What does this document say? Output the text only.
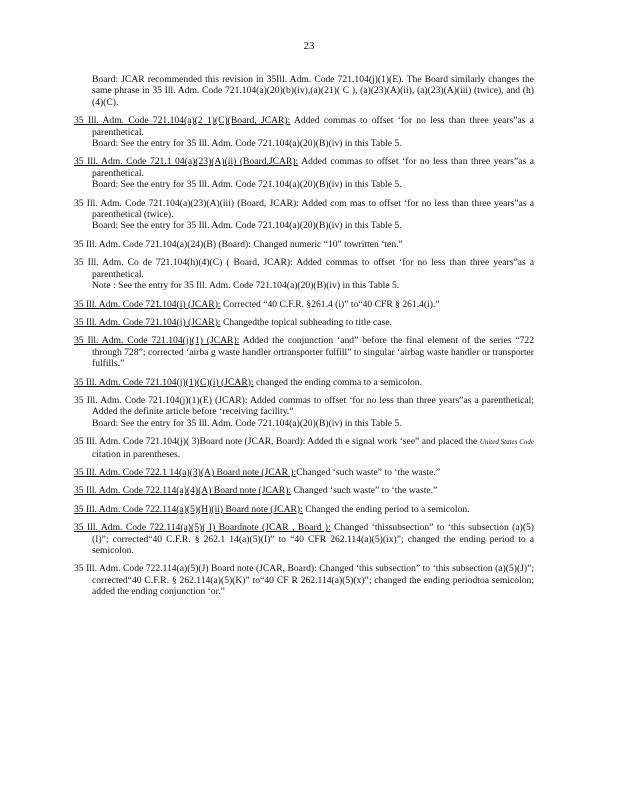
23
Board: JCAR recommended this revision in 35Ill. Adm. Code 721.104(j)(1)(E). The Board similarly changes the same phrase in 35 Ill. Adm. Code 721.104(a)(20)(b)(iv),(a)(21)( C ), (a)(23)(A)(ii), (a)(23)(A)(iii) (twice), and (h)(4)(C).
35 Ill. Adm. Code 721.104(a)(2 1)(C)(Board, JCAR): Added commas to offset ‘for no less than three years”as a parenthetical.
Board: See the entry for 35 Ill. Adm. Code 721.104(a)(20)(B)(iv) in this Table 5.
35 Ill. Adm. Code 721.1 04(a)(23)(A)(ii) (Board,JCAR): Added commas to offset ‘for no less than three years”as a parenthetical.
Board: See the entry for 35 Ill. Adm. Code 721.104(a)(20)(B)(iv) in this Table 5.
35 Ill. Adm. Code 721.104(a)(23)(A)(iii) (Board, JCAR): Added com mas to offset ‘for no less than three years”as a parenthetical (twice).
Board: See the entry for 35 Ill. Adm. Code 721.104(a)(20)(B)(iv) in this Table 5.
35 Ill. Adm. Code 721.104(a)(24)(B) (Board): Changed numeric “10” towritten ‘ten.”
35 Ill. Adm. Co de 721.104(h)(4)(C) ( Board, JCAR): Added commas to offset ‘for no less than three years”as a parenthetical.
Note : See the entry for 35 Ill. Adm. Code 721.104(a)(20)(B)(iv) in this Table 5.
35 Ill. Adm. Code 721.104(i) (JCAR): Corrected “40 C.F.R. §261.4 (i)” to“40 CFR § 261.4(i).”
35 Ill. Adm. Code 721.104(j) (JCAR): Changedthe topical subheading to title case.
35 Ill. Adm. Code 721.104(j)(1) (JCAR): Added the conjunction ‘and” before the final element of the series “722 through 728”; corrected ‘airba g waste handler ortransporter fulfill” to singular ‘airbag waste handler or transporter fulfills.”
35 Ill. Adm. Code 721.104(j)(1)(C)(i) (JCAR): changed the ending comma to a semicolon.
35 Ill. Adm. Code 721.104(j)(1)(E) (JCAR): Added commas to offset ‘for no less than three years”as a parenthetical; Added the definite article before ‘receiving facility.”
Board: See the entry for 35 Ill. Adm. Code 721.104(a)(20)(B)(iv) in this Table 5.
35 Ill. Adm. Code 721.104(j)( 3)Board note (JCAR, Board): Added th e signal work ‘see” and placed the United States Code citation in parentheses.
35 Ill. Adm. Code 722.1 14(a)(3)(A) Board note (JCAR ):Changed ‘such waste” to ‘the waste.”
35 Ill. Adm. Code 722.114(a)(4)(A) Board note (JCAR): Changed ‘such waste” to ‘the waste.”
35 Ill. Adm. Code 722.114(a)(5)(H)(ii) Board note (JCAR): Changed the ending period to a semicolon.
35 Ill. Adm. Code 722.114(a)(5)( I) Boardnote (JCAR , Board ): Changed ‘thissubsection” to ‘this subsection (a)(5)(I)”; corrected“40 C.F.R. § 262.1 14(a)(5)(I)” to “40 CFR 262.114(a)(5)(ix)”; changed the ending period to a semicolon.
35 Ill. Adm. Code 722.114(a)(5)(J) Board note (JCAR, Board): Changed ‘this subsection” to ‘this subsection (a)(5)(J)”; corrected“40 C.F.R. § 262.114(a)(5)(K)” to“40 CF R 262.114(a)(5)(x)”; changed the ending periodtoa semicolon; added the ending conjunction ‘or.”
